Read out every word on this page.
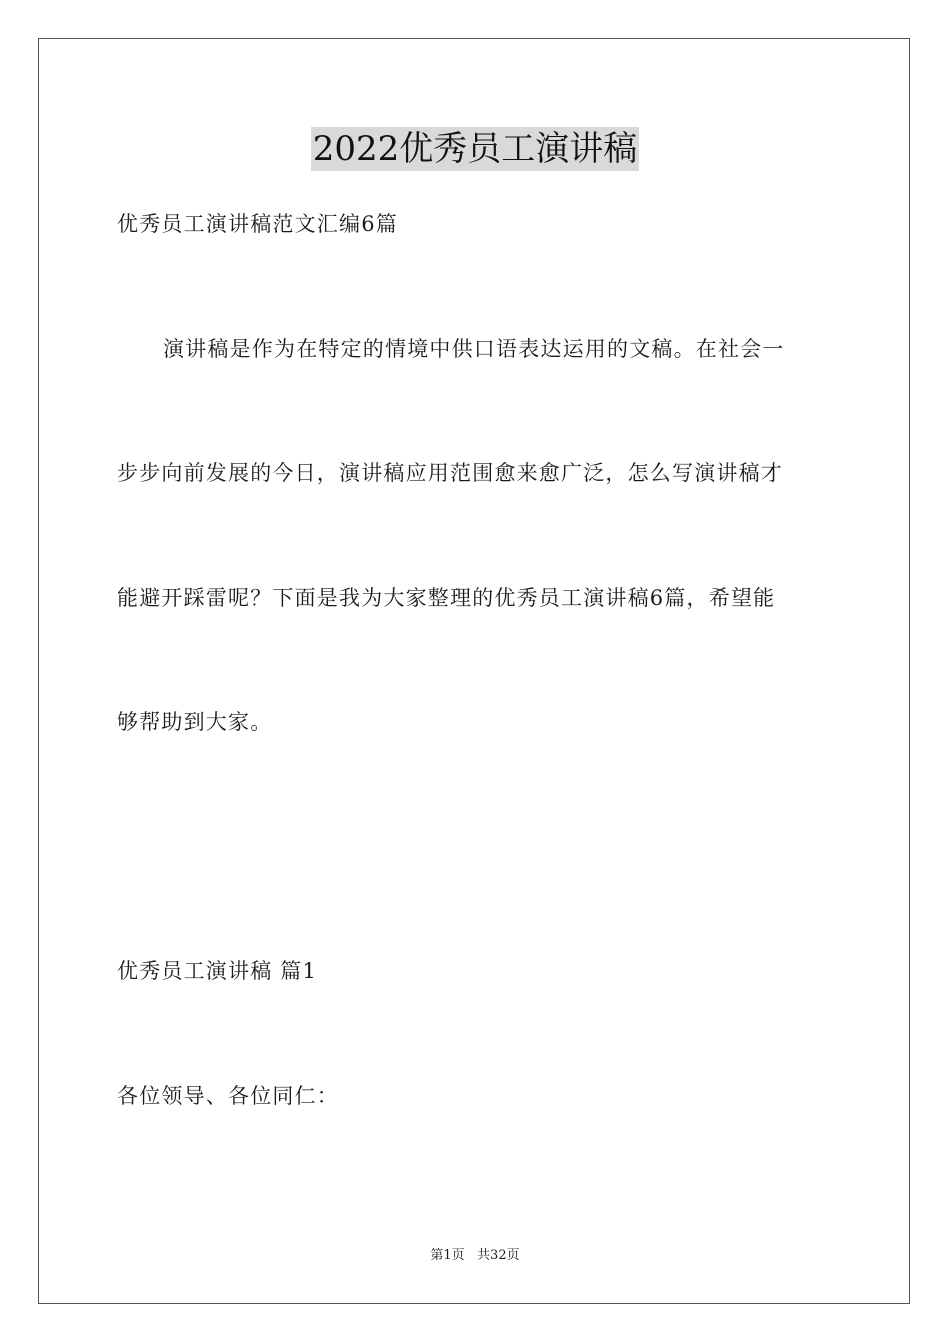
2022优秀员工演讲稿
优秀员工演讲稿范文汇编6篇
演讲稿是作为在特定的情境中供口语表达运用的文稿。在社会一
步步向前发展的今日，演讲稿应用范围愈来愈广泛，怎么写演讲稿才
能避开踩雷呢？下面是我为大家整理的优秀员工演讲稿6篇，希望能
够帮助到大家。
优秀员工演讲稿 篇1
各位领导、各位同仁：
第1页   共32页
